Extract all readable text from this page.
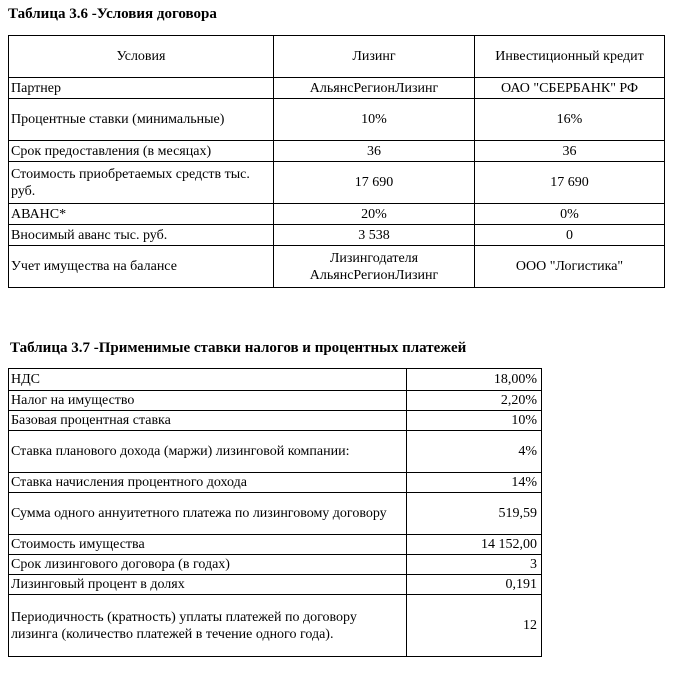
Таблица 3.6 -Условия договора
Условия	Лизинг	Инвестиционный кредит
Партнер	АльянсРегионЛизинг	ОАО "СБЕРБАНК" РФ
Процентные ставки (минимальные)	10%	16%
Срок предоставления (в месяцах)	36	36
Стоимость приобретаемых средств тыс. руб.	17 690	17 690
АВАНС*	20%	0%
Вносимый аванс тыс. руб.	3 538	0
Учет имущества на балансе	Лизингодателя АльянсРегионЛизинг	ООО "Логистика"
Таблица 3.7 -Применимые ставки налогов и процентных платежей
НДС	18,00%
Налог на имущество	2,20%
Базовая процентная ставка	10%
Ставка планового дохода (маржи) лизинговой компании:	4%
Ставка начисления процентного дохода	14%
Сумма одного аннуитетного платежа по лизинговому договору	519,59
Стоимость имущества	14 152,00
Срок лизингового договора (в годах)	3
Лизинговый процент в долях	0,191
Периодичность (кратность) уплаты платежей по договору лизинга (количество платежей в течение одного года).	12
